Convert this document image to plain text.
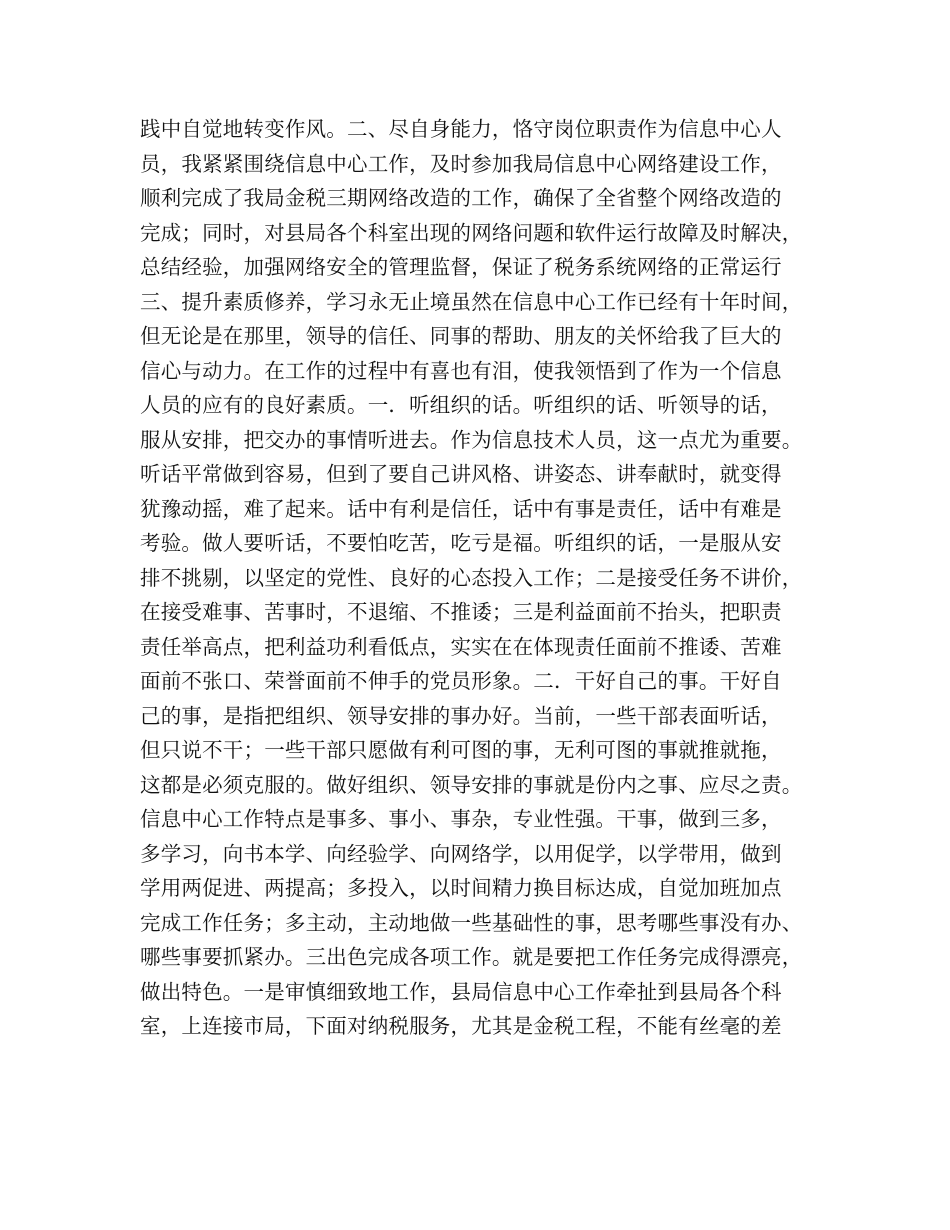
践中自觉地转变作风。二、尽自身能力，恪守岗位职责作为信息中心人
员，我紧紧围绕信息中心工作，及时参加我局信息中心网络建设工作，
顺利完成了我局金税三期网络改造的工作，确保了全省整个网络改造的
完成；同时，对县局各个科室出现的网络问题和软件运行故障及时解决，
总结经验，加强网络安全的管理监督，保证了税务系统网络的正常运行
三、提升素质修养，学习永无止境虽然在信息中心工作已经有十年时间，
但无论是在那里，领导的信任、同事的帮助、朋友的关怀给我了巨大的
信心与动力。在工作的过程中有喜也有泪，使我领悟到了作为一个信息
人员的应有的良好素质。一．听组织的话。听组织的话、听领导的话，
服从安排，把交办的事情听进去。作为信息技术人员，这一点尤为重要。
听话平常做到容易，但到了要自己讲风格、讲姿态、讲奉献时，就变得
犹豫动摇，难了起来。话中有利是信任，话中有事是责任，话中有难是
考验。做人要听话，不要怕吃苦，吃亏是福。听组织的话，一是服从安
排不挑剔，以坚定的党性、良好的心态投入工作；二是接受任务不讲价，
在接受难事、苦事时，不退缩、不推诿；三是利益面前不抬头，把职责
责任举高点，把利益功利看低点，实实在在体现责任面前不推诿、苦难
面前不张口、荣誉面前不伸手的党员形象。二．干好自己的事。干好自
己的事，是指把组织、领导安排的事办好。当前，一些干部表面听话，
但只说不干；一些干部只愿做有利可图的事，无利可图的事就推就拖，
这都是必须克服的。做好组织、领导安排的事就是份内之事、应尽之责。
信息中心工作特点是事多、事小、事杂，专业性强。干事，做到三多，
多学习，向书本学、向经验学、向网络学，以用促学，以学带用，做到
学用两促进、两提高；多投入，以时间精力换目标达成，自觉加班加点
完成工作任务；多主动，主动地做一些基础性的事，思考哪些事没有办、
哪些事要抓紧办。三出色完成各项工作。就是要把工作任务完成得漂亮，
做出特色。一是审慎细致地工作，县局信息中心工作牵扯到县局各个科
室，上连接市局，下面对纳税服务，尤其是金税工程，不能有丝毫的差
